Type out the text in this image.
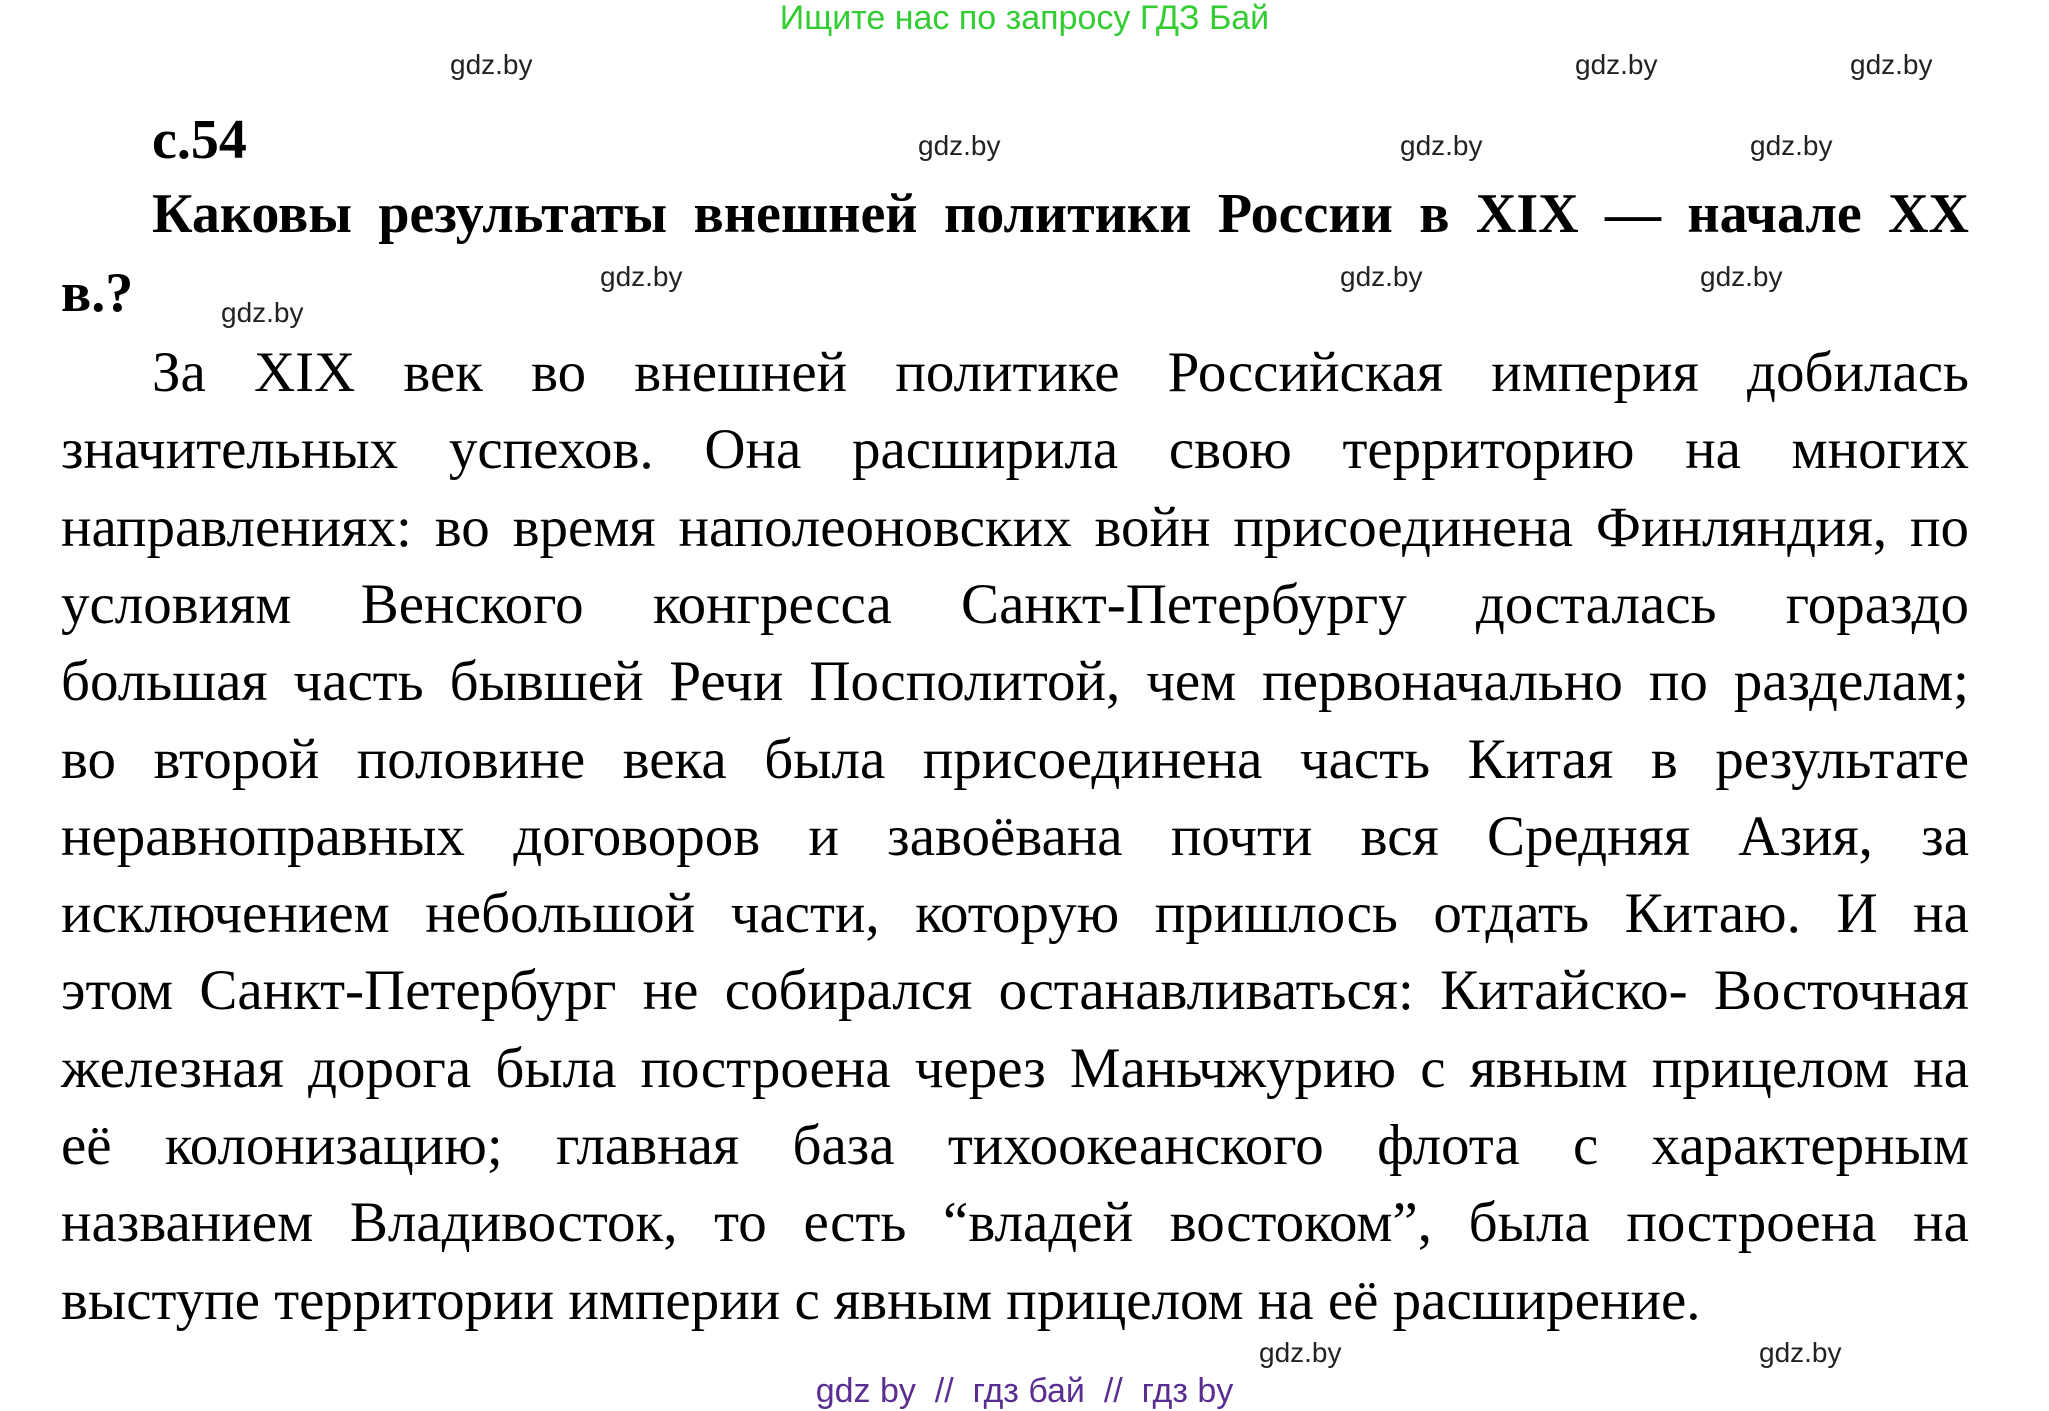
Ищите нас по запросу ГДЗ Бай
с.54
Каковы результаты внешней политики России в XIX — начале XX
в.?
За XIX век во внешней политике Российская империя добилась
значительных успехов. Она расширила свою территорию на многих
направлениях: во время наполеоновских войн присоединена Финляндия, по
условиям Венского конгресса Санкт-Петербургу досталась гораздо
большая часть бывшей Речи Посполитой, чем первоначально по разделам;
во второй половине века была присоединена часть Китая в результате
неравноправных договоров и завоёвана почти вся Средняя Азия, за
исключением небольшой части, которую пришлось отдать Китаю. И на
этом Санкт-Петербург не собирался останавливаться: Китайско- Восточная
железная дорога была построена через Маньчжурию с явным прицелом на
её колонизацию; главная база тихоокеанского флота с характерным
названием Владивосток, то есть “владей востоком”, была построена на
выступе территории империи с явным прицелом на её расширение.
gdz.by
gdz.by
gdz.by
gdz.by
gdz.by	gdz.by
gdz.by	gdz.by
gdz.by	gdz.by
gdz.by
gdz.by
gdz by  //  гдз бай  //  гдз by
